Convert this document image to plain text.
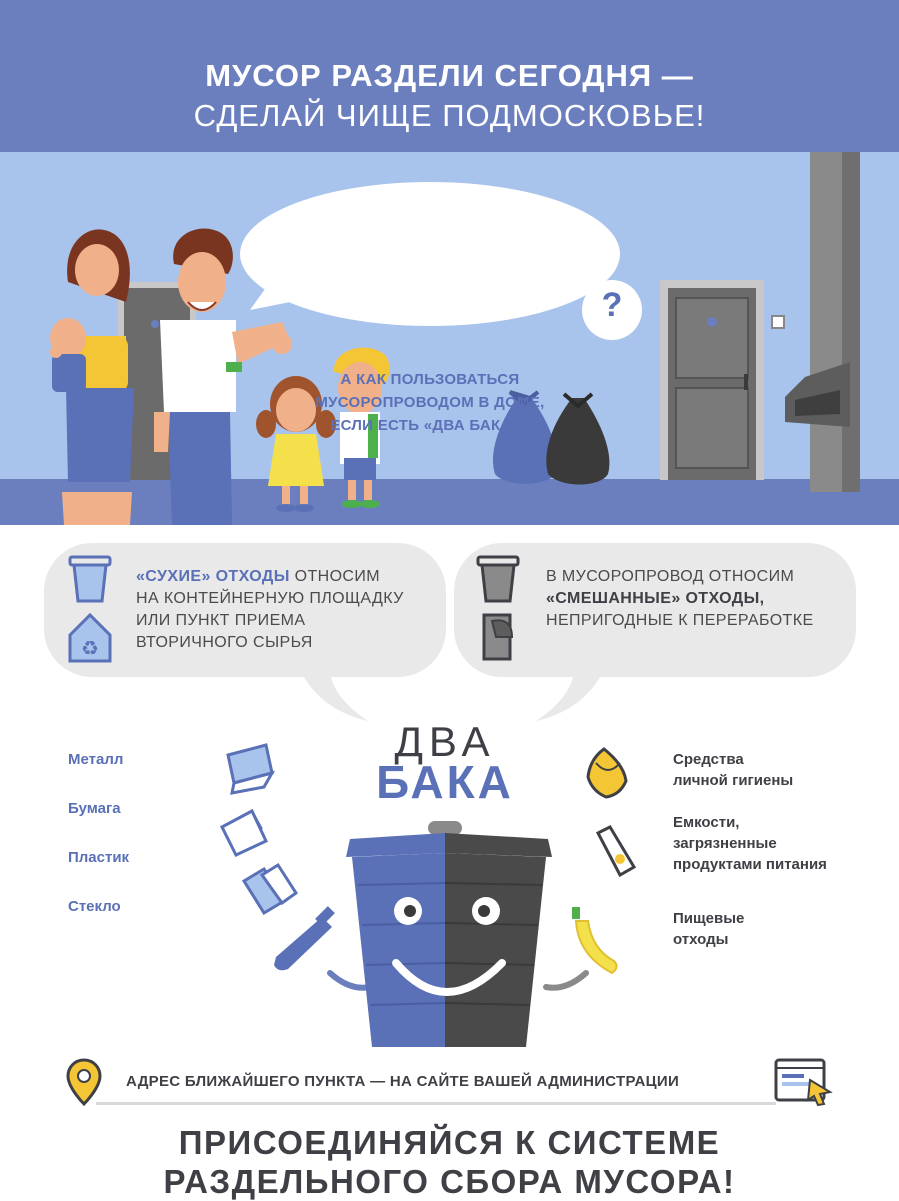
МУСОР РАЗДЕЛИ СЕГОДНЯ —
СДЕЛАЙ ЧИЩЕ ПОДМОСКОВЬЕ!
А КАК ПОЛЬЗОВАТЬСЯ
МУСОРОПРОВОДОМ В ДОМЕ,
ЕСЛИ ЕСТЬ «ДВА БАКА»?
?
♻
«СУХИЕ» ОТХОДЫ ОТНОСИМ
НА КОНТЕЙНЕРНУЮ ПЛОЩАДКУ
ИЛИ ПУНКТ ПРИЕМА
ВТОРИЧНОГО СЫРЬЯ
В МУСОРОПРОВОД ОТНОСИМ
«СМЕШАННЫЕ» ОТХОДЫ,
НЕПРИГОДНЫЕ К ПЕРЕРАБОТКЕ
ДВА
БАКА
Металл
Бумага
Пластик
Стекло
Средства
личной гигиены
Емкости,
загрязненные
продуктами питания
Пищевые
отходы
АДРЕС БЛИЖАЙШЕГО ПУНКТА — НА САЙТЕ ВАШЕЙ АДМИНИСТРАЦИИ
ПРИСОЕДИНЯЙСЯ К СИСТЕМЕ
РАЗДЕЛЬНОГО СБОРА МУСОРА!
